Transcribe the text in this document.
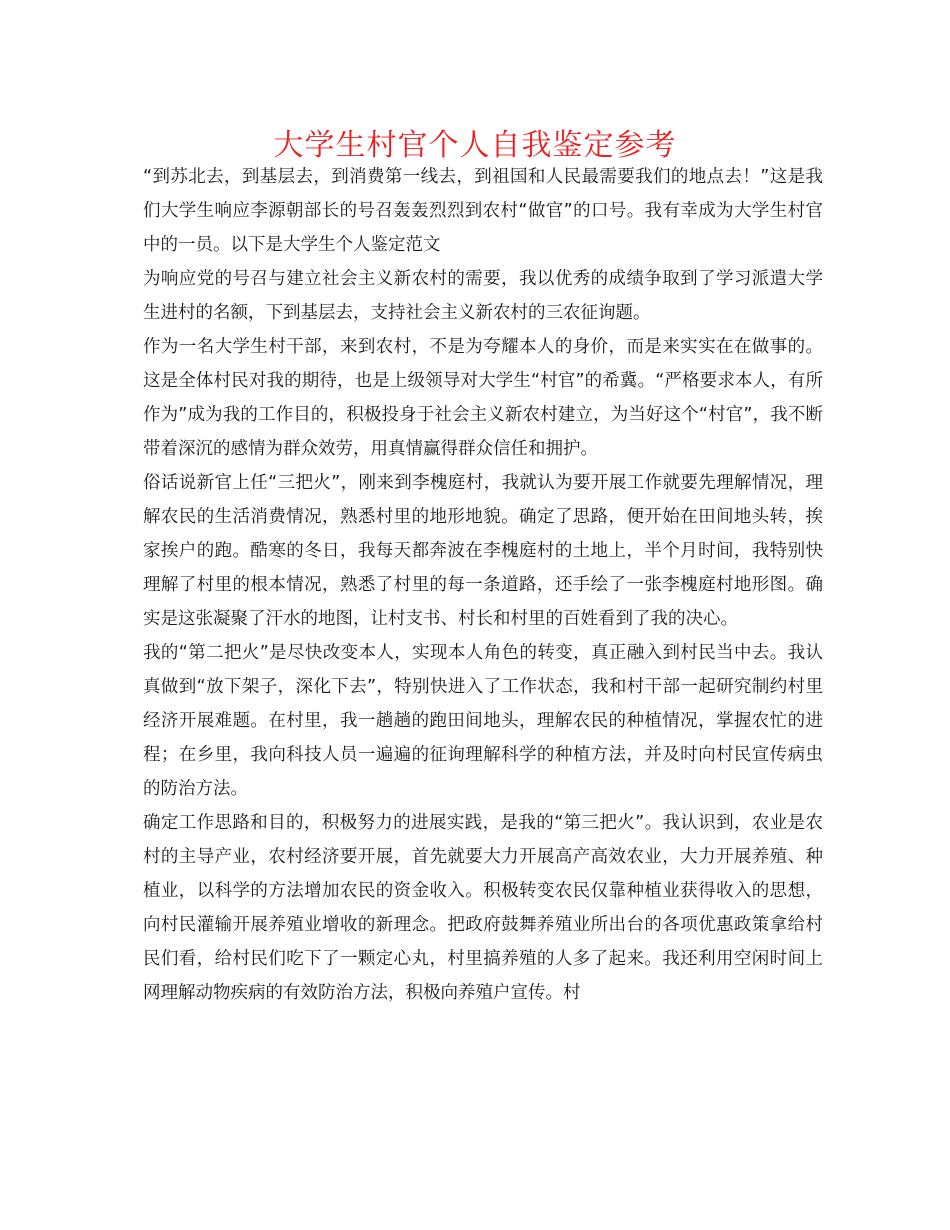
大学生村官个人自我鉴定参考

“到苏北去，到基层去，到消费第一线去，到祖国和人民最需要我们的地点去！”这是我们大学生响应李源朝部长的号召轰轰烈烈到农村“做官”的口号。我有幸成为大学生村官中的一员。以下是大学生个人鉴定范文

为响应党的号召与建立社会主义新农村的需要，我以优秀的成绩争取到了学习派遣大学生进村的名额，下到基层去，支持社会主义新农村的三农征询题。

作为一名大学生村干部，来到农村，不是为夸耀本人的身价，而是来实实在在做事的。这是全体村民对我的期待，也是上级领导对大学生“村官”的希冀。“严格要求本人，有所作为”成为我的工作目的，积极投身于社会主义新农村建立，为当好这个“村官”，我不断带着深沉的感情为群众效劳，用真情赢得群众信任和拥护。

俗话说新官上任“三把火”，刚来到李槐庭村，我就认为要开展工作就要先理解情况，理解农民的生活消费情况，熟悉村里的地形地貌。确定了思路，便开始在田间地头转，挨家挨户的跑。酷寒的冬日，我每天都奔波在李槐庭村的土地上，半个月时间，我特别快理解了村里的根本情况，熟悉了村里的每一条道路，还手绘了一张李槐庭村地形图。确实是这张凝聚了汗水的地图，让村支书、村长和村里的百姓看到了我的决心。

我的“第二把火”是尽快改变本人，实现本人角色的转变，真正融入到村民当中去。我认真做到“放下架子，深化下去”，特别快进入了工作状态，我和村干部一起研究制约村里经济开展难题。在村里，我一趟趟的跑田间地头，理解农民的种植情况，掌握农忙的进程；在乡里，我向科技人员一遍遍的征询理解科学的种植方法，并及时向村民宣传病虫的防治方法。

确定工作思路和目的，积极努力的进展实践，是我的“第三把火”。我认识到，农业是农村的主导产业，农村经济要开展，首先就要大力开展高产高效农业，大力开展养殖、种植业，以科学的方法增加农民的资金收入。积极转变农民仅靠种植业获得收入的思想，向村民灌输开展养殖业增收的新理念。把政府鼓舞养殖业所出台的各项优惠政策拿给村民们看，给村民们吃下了一颗定心丸，村里搞养殖的人多了起来。我还利用空闲时间上网理解动物疾病的有效防治方法，积极向养殖户宣传。村
